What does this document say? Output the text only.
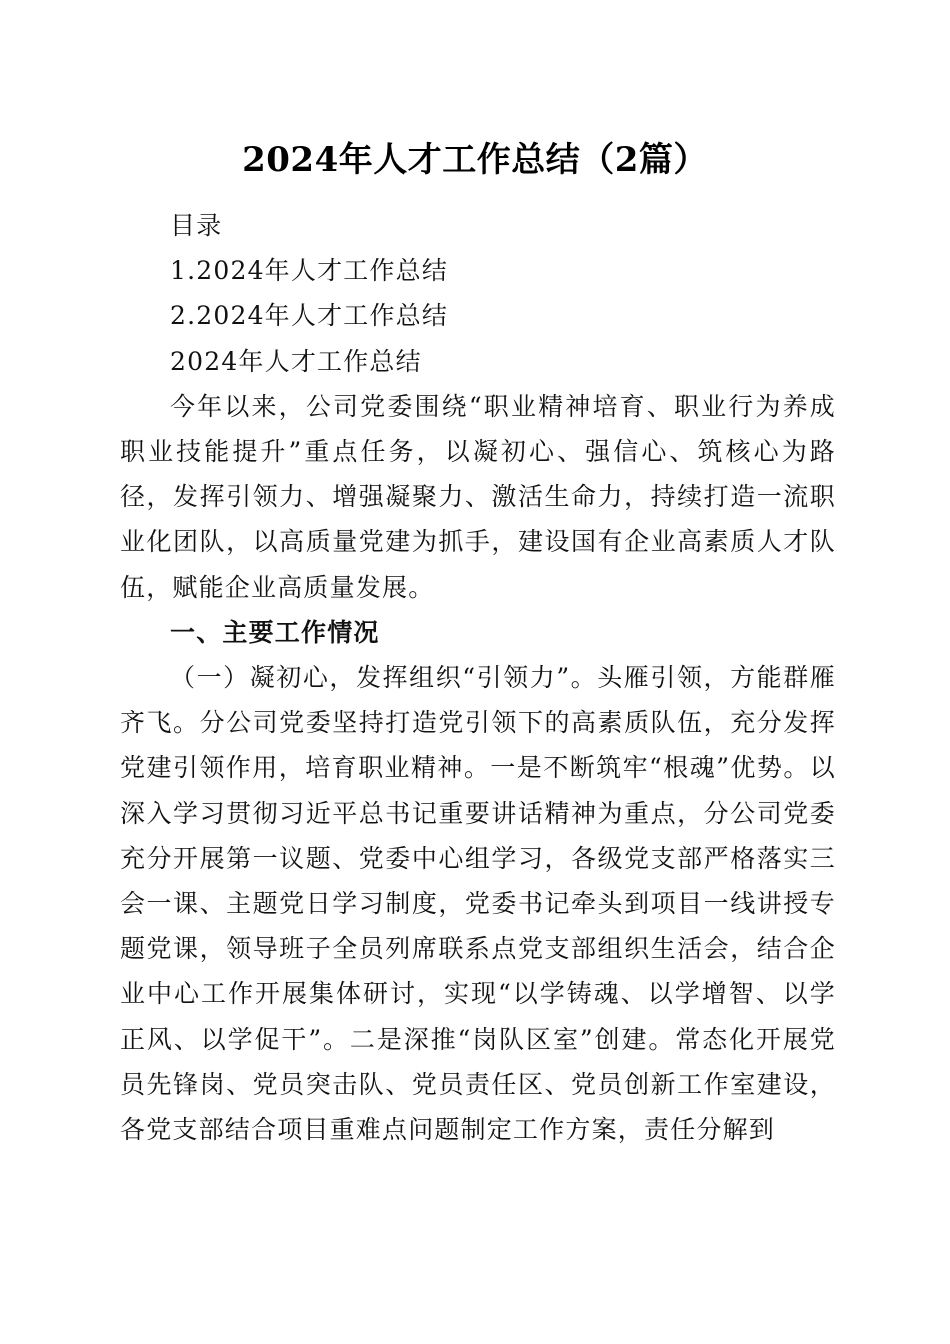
2024年人才工作总结（2篇）

目录

1.2024年人才工作总结

2.2024年人才工作总结

2024年人才工作总结

今年以来，公司党委围绕“职业精神培育、职业行为养成职业技能提升”重点任务，以凝初心、强信心、筑核心为路径，发挥引领力、增强凝聚力、激活生命力，持续打造一流职业化团队，以高质量党建为抓手，建设国有企业高素质人才队伍，赋能企业高质量发展。

一、主要工作情况

（一）凝初心，发挥组织“引领力”。头雁引领，方能群雁齐飞。分公司党委坚持打造党引领下的高素质队伍，充分发挥党建引领作用，培育职业精神。一是不断筑牢“根魂”优势。以深入学习贯彻习近平总书记重要讲话精神为重点，分公司党委充分开展第一议题、党委中心组学习，各级党支部严格落实三会一课、主题党日学习制度，党委书记牵头到项目一线讲授专题党课，领导班子全员列席联系点党支部组织生活会，结合企业中心工作开展集体研讨，实现“以学铸魂、以学增智、以学正风、以学促干”。二是深推“岗队区室”创建。常态化开展党员先锋岗、党员突击队、党员责任区、党员创新工作室建设，各党支部结合项目重难点问题制定工作方案，责任分解到
